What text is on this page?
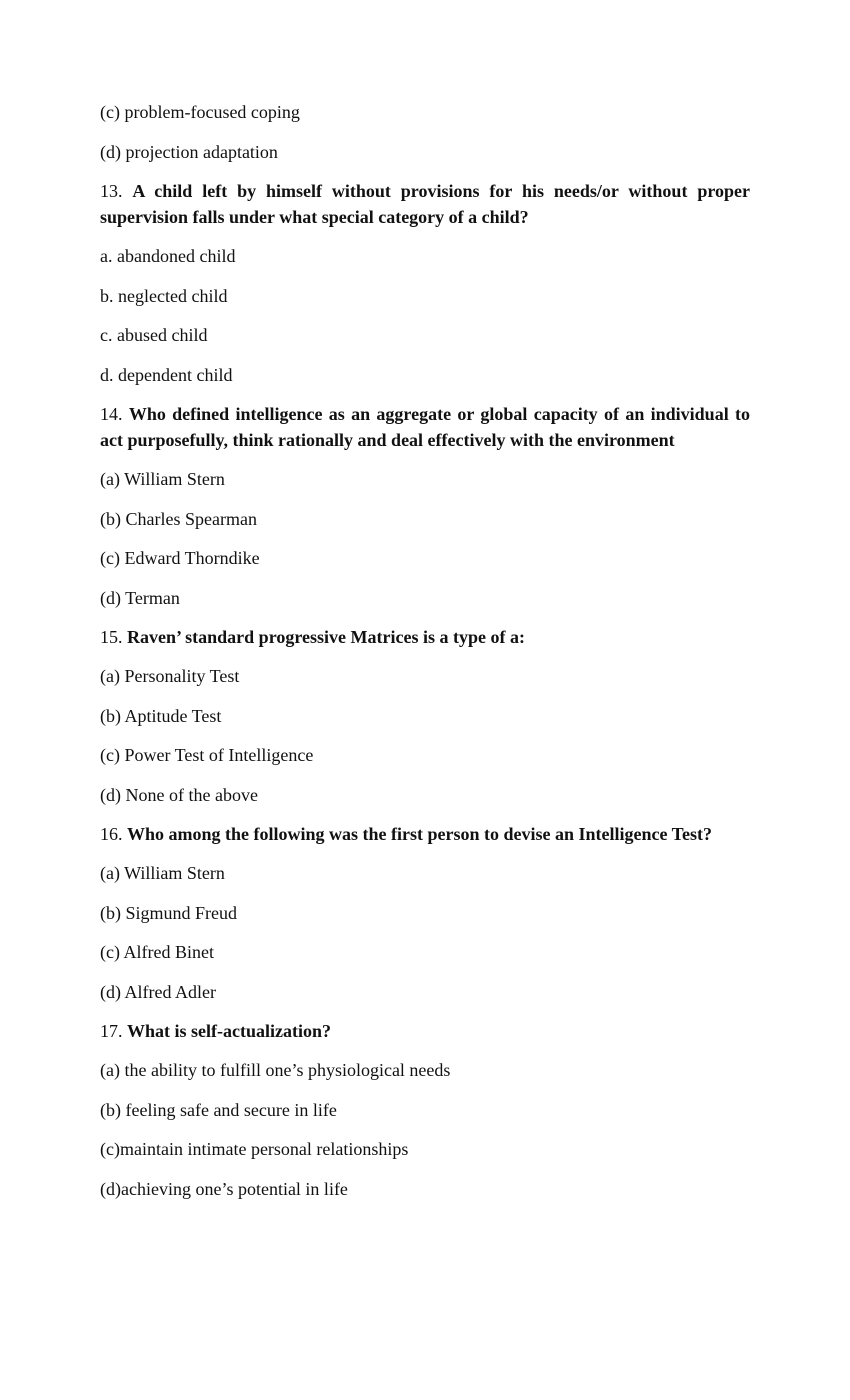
(c) problem-focused coping
(d) projection adaptation
13. A child left by himself without provisions for his needs/or without proper supervision falls under what special category of a child?
a. abandoned child
b. neglected child
c. abused child
d. dependent child
14. Who defined intelligence as an aggregate or global capacity of an individual to act purposefully, think rationally and deal effectively with the environment
(a) William Stern
(b) Charles Spearman
(c) Edward Thorndike
(d) Terman
15. Raven’ standard progressive Matrices is a type of a:
(a) Personality Test
(b) Aptitude Test
(c) Power Test of Intelligence
(d) None of the above
16. Who among the following was the first person to devise an Intelligence Test?
(a) William Stern
(b) Sigmund Freud
(c) Alfred Binet
(d) Alfred Adler
17. What is self-actualization?
(a) the ability to fulfill one’s physiological needs
(b) feeling safe and secure in life
(c)maintain intimate personal relationships
(d)achieving one’s potential in life
